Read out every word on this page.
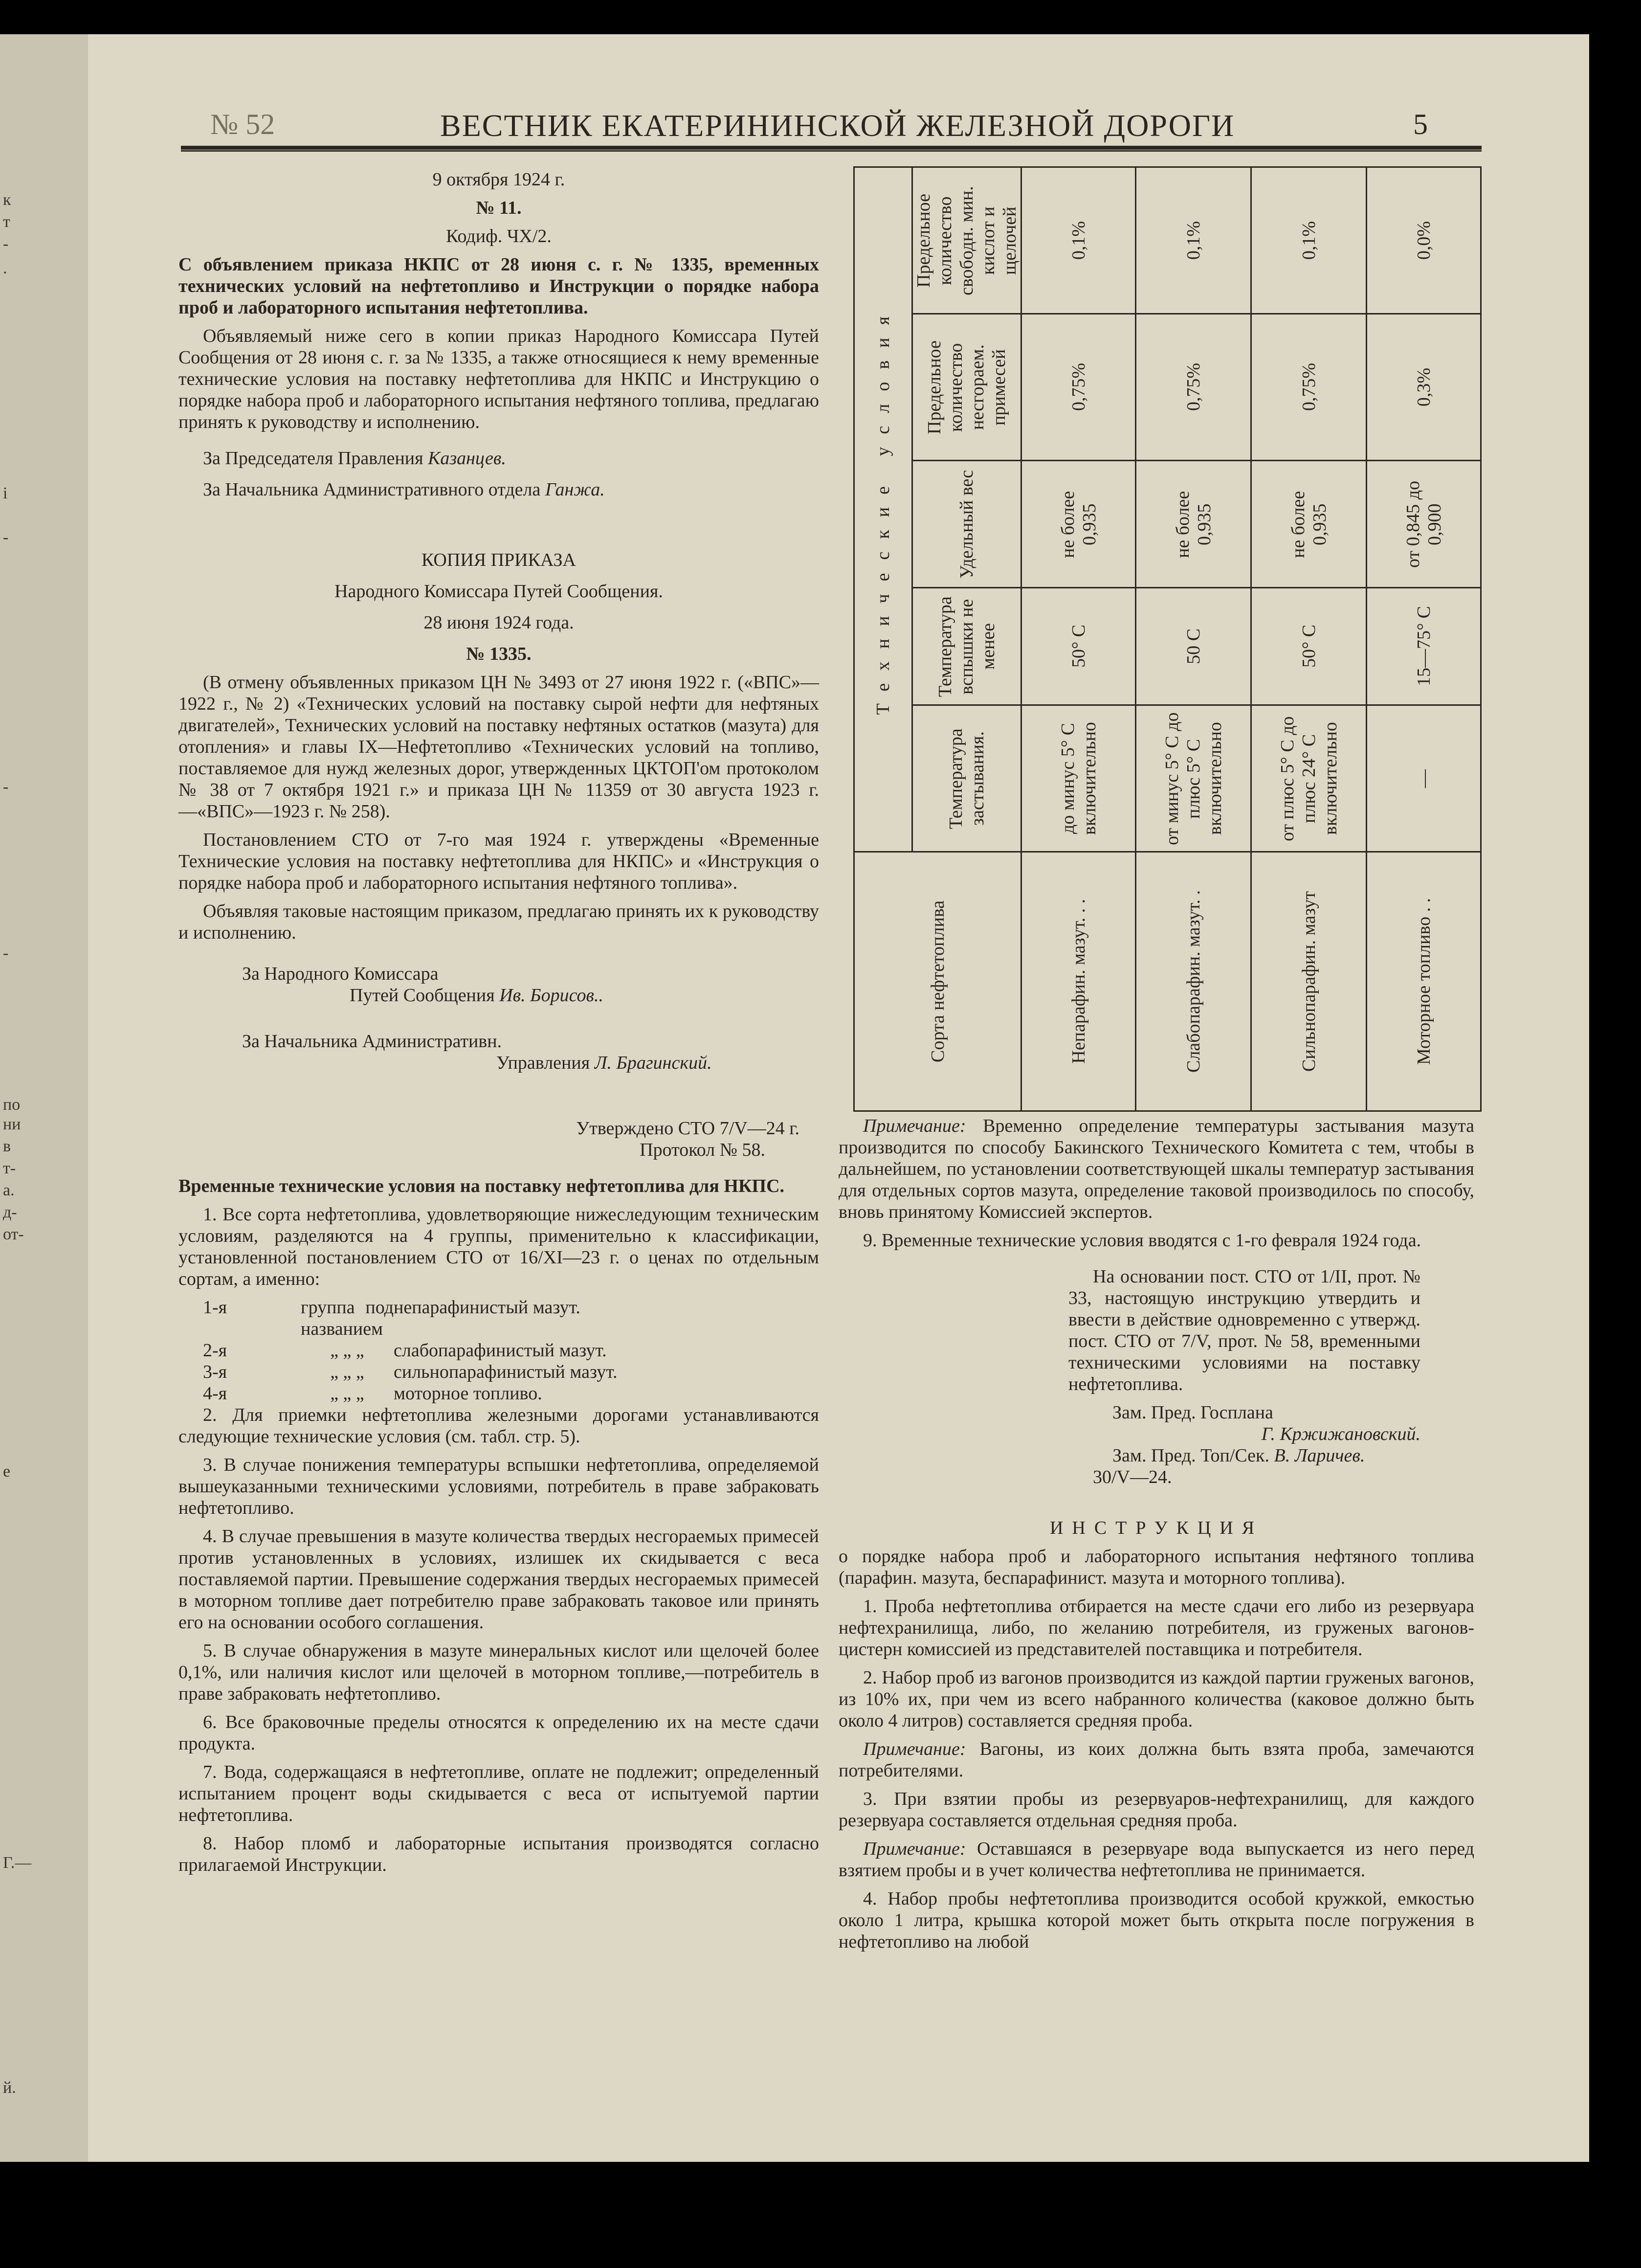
к
т
-
.
і
-
-
-
по
ни
в
т-
а.
д-
от-
е
Г.—
й.
№ 52	ВЕСТНИК ЕКАТЕРИНИНСКОЙ ЖЕЛЕЗНОЙ ДОРОГИ	5

9 октября 1924 г.

№ 11.

Кодиф. ЧХ/2.

С объявлением приказа НКПС от 28 июня с. г. № 1335, временных технических условий на нефтетопливо и Инструкции о порядке набора проб и лабораторного испытания нефтетоплива.

Объявляемый ниже сего в копии приказ Народного Комиссара Путей Сообщения от 28 июня с. г. за № 1335, а также относящиеся к нему временные технические условия на поставку нефтетоплива для НКПС и Инструкцию о порядке набора проб и лабораторного испытания нефтяного топлива, предлагаю принять к руководству и исполнению.

За Председателя Правления Казанцев.

За Начальника Административного отдела Ганжа.

КОПИЯ ПРИКАЗА

Народного Комиссара Путей Сообщения.

28 июня 1924 года.

№ 1335.

(В отмену объявленных приказом ЦН № 3493 от 27 июня 1922 г. («ВПС»—1922 г., № 2) «Технических условий на поставку сырой нефти для нефтяных двигателей», Технических условий на поставку нефтяных остатков (мазута) для отопления» и главы IX—Нефтетопливо «Технических условий на топливо, поставляемое для нужд железных дорог, утвержденных ЦКТОП'ом протоколом № 38 от 7 октября 1921 г.» и приказа ЦН № 11359 от 30 августа 1923 г.—«ВПС»—1923 г. № 258).

Постановлением СТО от 7-го мая 1924 г. утверждены «Временные Технические условия на поставку нефтетоплива для НКПС» и «Инструкция о порядке набора проб и лабораторного испытания нефтяного топлива».

Объявляя таковые настоящим приказом, предлагаю принять их к руководству и исполнению.

За Народного Комиссара

Путей Сообщения Ив. Борисов..

За Начальника Административн.

Управления Л. Брагинский.

Утверждено СТО 7/V—24 г.

Протокол № 58.

Временные технические условия на поставку нефтетоплива для НКПС.

1. Все сорта нефтетоплива, удовлетворяющие нижеследующим техническим условиям, разделяются на 4 группы, применительно к классификации, установленной постановлением СТО от 16/XI—23 г. о ценах по отдельным сортам, а именно:

1-я	группа под названием
непарафинистый мазут.
2-я	„ „ „	слабопарафинистый мазут.
3-я	„ „ „	сильнопарафинистый мазут.
4-я	„ „ „	моторное топливо.

2. Для приемки нефтетоплива железными дорогами устанавливаются следующие технические условия (см. табл. стр. 5).

3. В случае понижения температуры вспышки нефтетоплива, определяемой вышеуказанными техническими условиями, потребитель в праве забраковать нефтетопливо.

4. В случае превышения в мазуте количества твердых несгораемых примесей против установленных в условиях, излишек их скидывается с веса поставляемой партии. Превышение содержания твердых несгораемых примесей в моторном топливе дает потребителю праве забраковать таковое или принять его на основании особого соглашения.

5. В случае обнаружения в мазуте минеральных кислот или щелочей более 0,1%, или наличия кислот или щелочей в моторном топливе,—потребитель в праве забраковать нефтетопливо.

6. Все браковочные пределы относятся к определению их на месте сдачи продукта.

7. Вода, содержащаяся в нефтетопливе, оплате не подлежит; определенный испытанием процент воды скидывается с веса от испытуемой партии нефтетоплива.

8. Набор пломб и лабораторные испытания производятся согласно прилагаемой Инструкции.

Технические условия	Предельное количество свободн. мин. кислот и щелочей	0,1%	0,1%	0,1%	0,0%

	Предельное количество несгораем. примесей	0,75%	0,75%	0,75%	0,3%

	Удельный вес	не более 0,935	не более 0,935	не более 0,935	от 0,845 до 0,900

	Температура вспышки не менее	50° С	50 С	50° С	15—75° С

	Температура застывания.	до минус 5° С включительно	от минус 5° С до плюс 5° С включительно	от плюс 5° С до плюс 24° С включительно	—

Сорта нефтетоплива		Непарафин. мазут. . .	Слабопарафин. мазут. .	Сильнопарафин. мазут	Моторное топливо . .

Примечание: Временно определение температуры застывания мазута производится по способу Бакинского Технического Комитета с тем, чтобы в дальнейшем, по установлении соответствующей шкалы температур застывания для отдельных сортов мазута, определение таковой производилось по способу, вновь принятому Комиссией экспертов.

9. Временные технические условия вводятся с 1-го февраля 1924 года.

На основании пост. СТО от 1/II, прот. № 33, настоящую инструкцию утвердить и ввести в действие одновременно с утвержд. пост. СТО от 7/V, прот. № 58, временными техническими условиями на поставку нефтетоплива.

Зам. Пред. Госплана

Г. Кржижановский.

Зам. Пред. Топ/Сек. В. Ларичев.

30/V—24.

ИНСТРУКЦИЯ

о порядке набора проб и лабораторного испытания нефтяного топлива (парафин. мазута, беспарафинист. мазута и моторного топлива).

1. Проба нефтетоплива отбирается на месте сдачи его либо из резервуара нефтехранилища, либо, по желанию потребителя, из груженых вагонов-цистерн комиссией из представителей поставщика и потребителя.

2. Набор проб из вагонов производится из каждой партии груженых вагонов, из 10% их, при чем из всего набранного количества (каковое должно быть около 4 литров) составляется средняя проба.

Примечание: Вагоны, из коих должна быть взята проба, замечаются потребителями.

3. При взятии пробы из резервуаров-нефтехранилищ, для каждого резервуара составляется отдельная средняя проба.

Примечание: Оставшаяся в резервуаре вода выпускается из него перед взятием пробы и в учет количества нефтетоплива не принимается.

4. Набор пробы нефтетоплива производится особой кружкой, емкостью около 1 литра, крышка которой может быть открыта после погружения в нефтетопливо на любой
